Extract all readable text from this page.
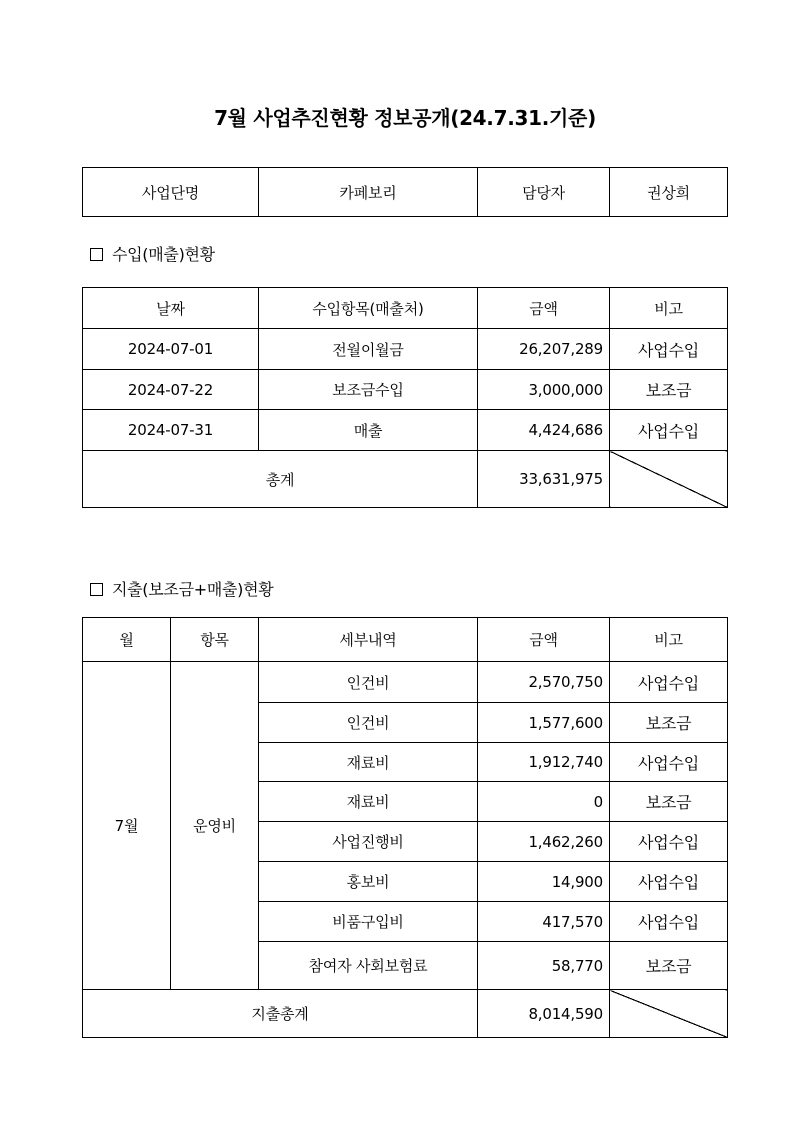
7월 사업추진현황 정보공개(24.7.31.기준)
사업단명	카페보리	담당자	권상희
수입(매출)현황
날짜	수입항목(매출처)	금액	비고
2024-07-01	전월이월금	26,207,289	사업수입
2024-07-22	보조금수입	3,000,000	보조금
2024-07-31	매출	4,424,686	사업수입
총계		33,631,975	
지출(보조금+매출)현황
월	항목	세부내역	금액	비고
7월	운영비	인건비	2,570,750	사업수입
		인건비	1,577,600	보조금
		재료비	1,912,740	사업수입
		재료비	0	보조금
		사업진행비	1,462,260	사업수입
		홍보비	14,900	사업수입
		비품구입비	417,570	사업수입
		참여자 사회보험료	58,770	보조금
지출총계			8,014,590	
